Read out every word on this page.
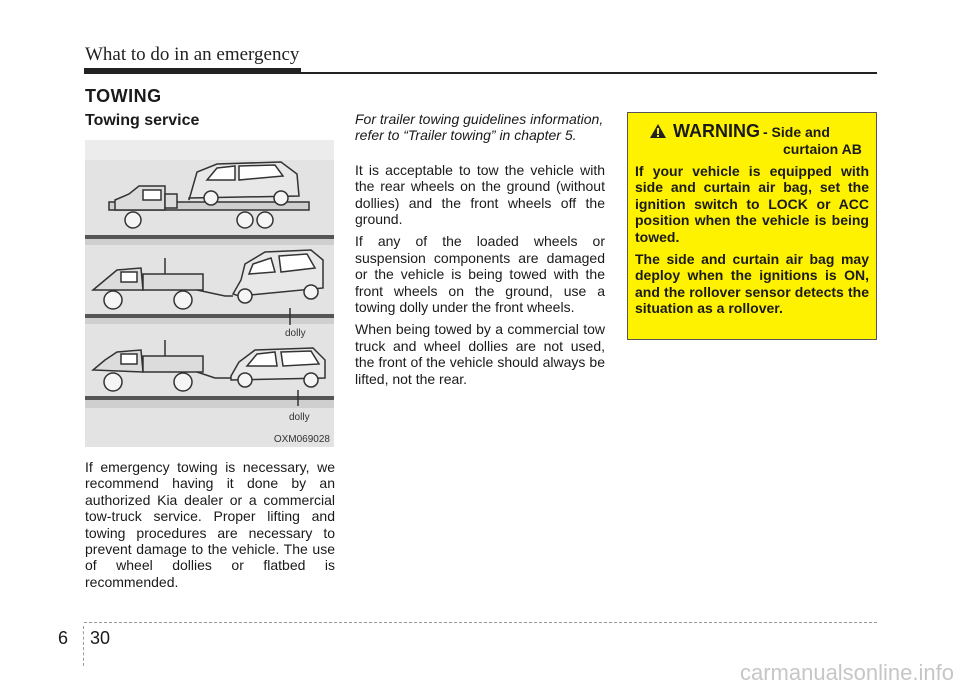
What to do in an emergency
TOWING
Towing service
dolly
dolly
OXM069028

If emergency towing is necessary, we recommend having it done by an authorized Kia dealer or a commercial tow-truck service. Proper lifting and towing procedures are necessary to prevent damage to the vehicle. The use of wheel dollies or flatbed is recommended.

For trailer towing guidelines information, refer to “Trailer towing” in chapter 5.

It is acceptable to tow the vehicle with the rear wheels on the ground (without dollies) and the front wheels off the ground.

If any of the loaded wheels or suspension components are damaged or the vehicle is being towed with the front wheels on the ground, use a towing dolly under the front wheels.

When being towed by a commercial tow truck and wheel dollies are not used, the front of the vehicle should always be lifted, not the rear.

WARNING - Side and
curtaion AB

If your vehicle is equipped with side and curtain air bag, set the ignition switch to LOCK or ACC position when the vehicle is being towed.

The side and curtain air bag may deploy when the ignitions is ON, and the rollover sensor detects the situation as a rollover.

6 30
carmanualsonline.info
